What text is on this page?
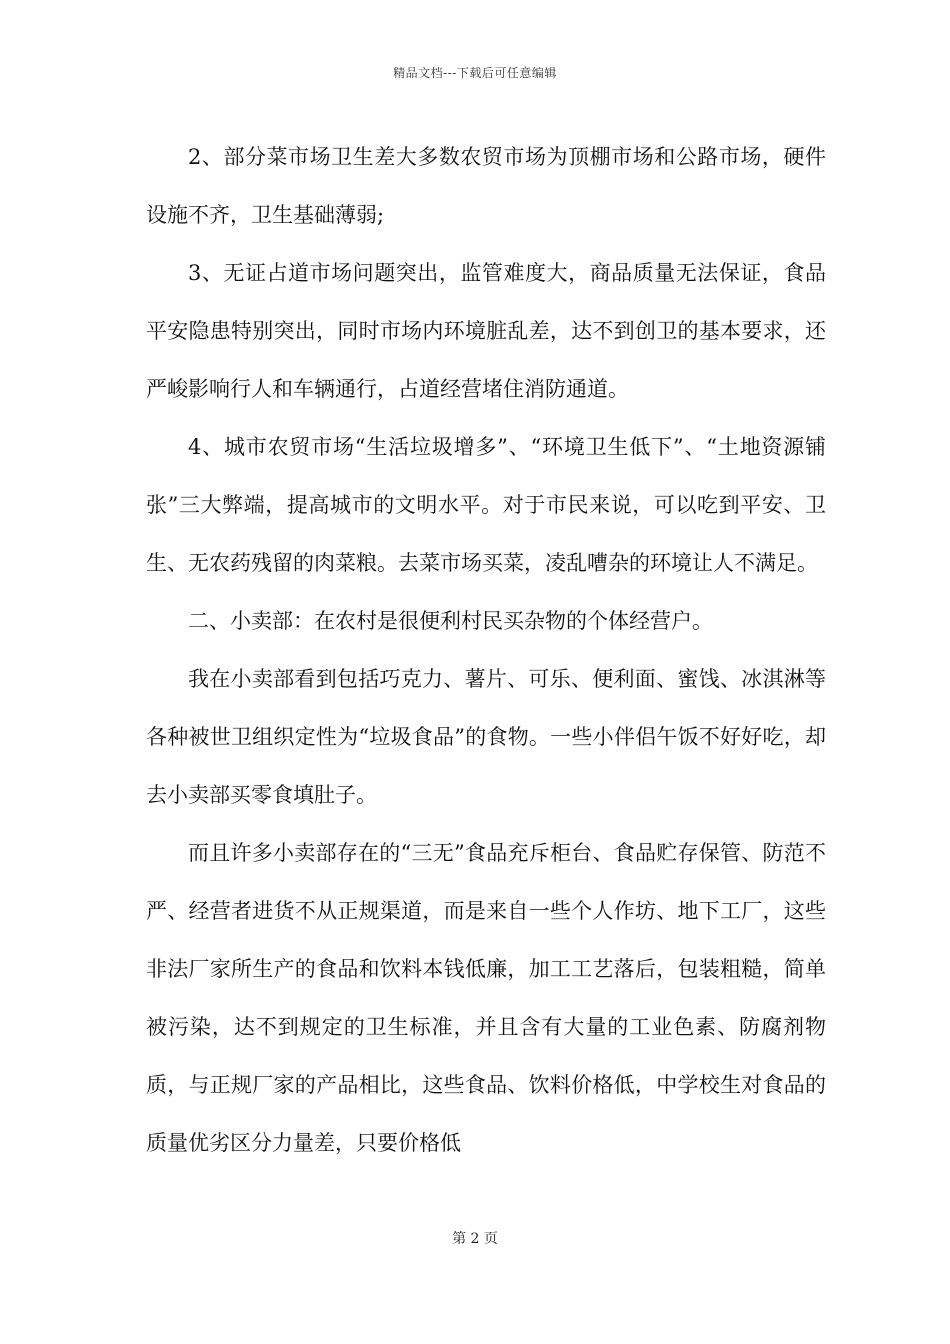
精品文档---下载后可任意编辑

2、部分菜市场卫生差大多数农贸市场为顶棚市场和公路市场，硬件设施不齐，卫生基础薄弱;

3、无证占道市场问题突出，监管难度大，商品质量无法保证，食品平安隐患特别突出，同时市场内环境脏乱差，达不到创卫的基本要求，还严峻影响行人和车辆通行，占道经营堵住消防通道。

4、城市农贸市场“生活垃圾增多”、“环境卫生低下”、“土地资源铺张”三大弊端，提高城市的文明水平。对于市民来说，可以吃到平安、卫生、无农药残留的肉菜粮。去菜市场买菜，凌乱嘈杂的环境让人不满足。

二、小卖部：在农村是很便利村民买杂物的个体经营户。

我在小卖部看到包括巧克力、薯片、可乐、便利面、蜜饯、冰淇淋等各种被世卫组织定性为“垃圾食品”的食物。一些小伴侣午饭不好好吃，却去小卖部买零食填肚子。

而且许多小卖部存在的“三无”食品充斥柜台、食品贮存保管、防范不严、经营者进货不从正规渠道，而是来自一些个人作坊、地下工厂，这些非法厂家所生产的食品和饮料本钱低廉，加工工艺落后，包装粗糙，简单被污染，达不到规定的卫生标准，并且含有大量的工业色素、防腐剂物质，与正规厂家的产品相比，这些食品、饮料价格低，中学校生对食品的质量优劣区分力量差，只要价格低

第 2 页
